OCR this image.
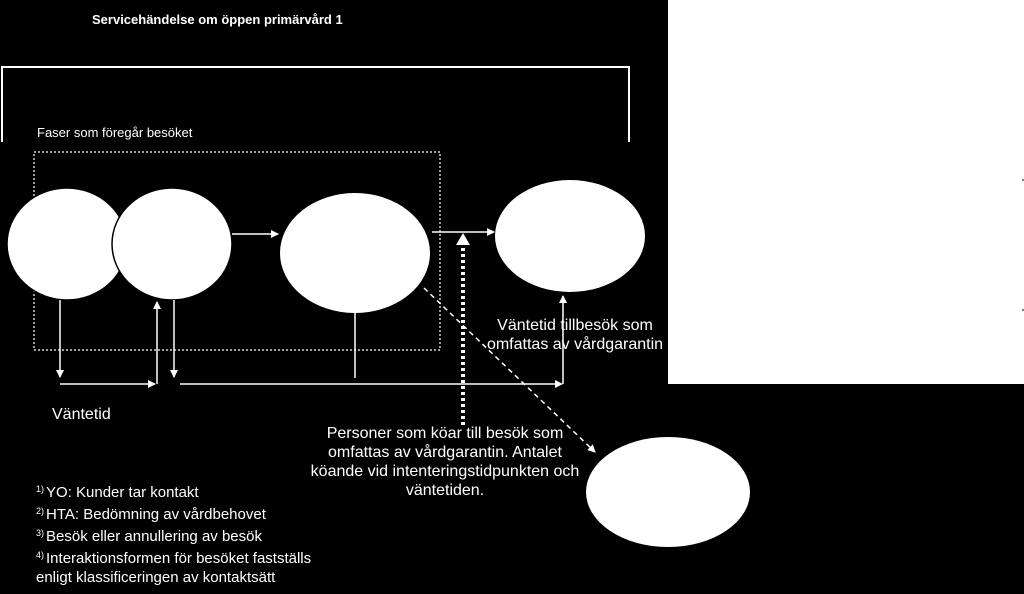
Servicehändelse om öppen primärvård 1
Faser som föregår besöket
Väntetid
Väntetid tillbesök som omfattas av vårdgarantin
Personer som köar till besök som omfattas av vårdgarantin. Antalet köande vid intenteringstidpunkten och väntetiden.
$^{1)}$ YO: Kunder tar kontakt
$^{2)}$ HTA: Bedömning av vårdbehovet
$^{3)}$ Besök eller annullering av besök
$^{4)}$ Interaktionsformen för besöket fastställs
enligt klassificeringen av kontaktsätt
